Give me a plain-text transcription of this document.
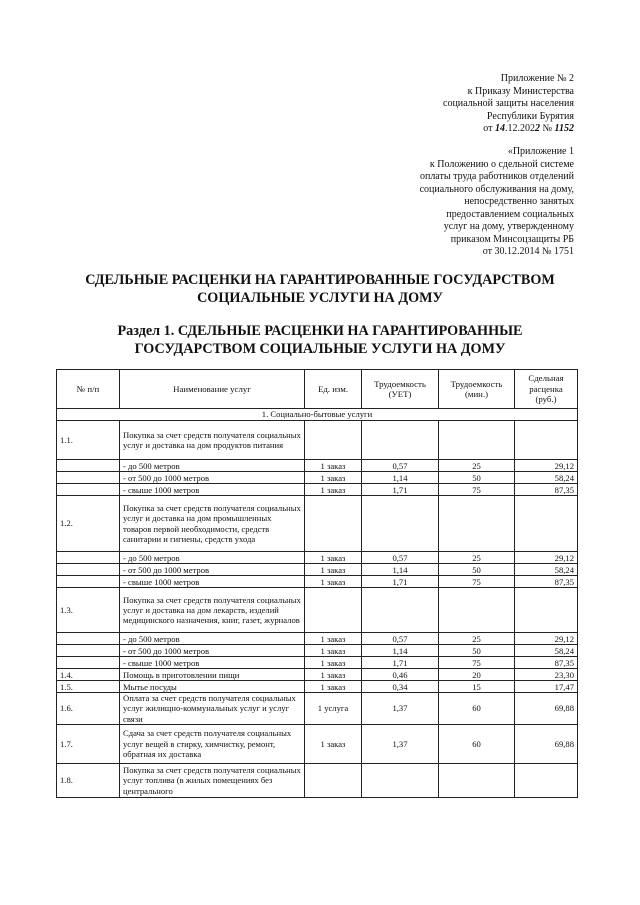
Приложение № 2
к Приказу Министерства
социальной защиты населения
Республики Бурятия
от 14.12.2022 № 1152
«Приложение 1
к Положению о сдельной системе
оплаты труда работников отделений
социального обслуживания на дому,
непосредственно занятых
предоставлением социальных
услуг на дому, утвержденному
приказом Минсоцзащиты РБ
от 30.12.2014 № 1751
СДЕЛЬНЫЕ РАСЦЕНКИ НА ГАРАНТИРОВАННЫЕ ГОСУДАРСТВОМ
СОЦИАЛЬНЫЕ УСЛУГИ НА ДОМУ
Раздел 1. СДЕЛЬНЫЕ РАСЦЕНКИ НА ГАРАНТИРОВАННЫЕ
ГОСУДАРСТВОМ СОЦИАЛЬНЫЕ УСЛУГИ НА ДОМУ
№ п/п	Наименование услуг	Ед. изм.	Трудоемкость (УЕТ)	Трудоемкость (мин.)	Сдельная расценка (руб.)
1. Социально-бытовые услуги					
1.1.	Покупка за счет средств получателя социальных услуг и доставка на дом продуктов питания				
	- до 500 метров	1 заказ	0,57	25	29,12
	- от 500 до 1000 метров	1 заказ	1,14	50	58,24
	- свыше 1000 метров	1 заказ	1,71	75	87,35
1.2.	Покупка за счет средств получателя социальных услуг и доставка на дом промышленных товаров первой необходимости, средств санитарии и гигиены, средств ухода				
	- до 500 метров	1 заказ	0,57	25	29,12
	- от 500 до 1000 метров	1 заказ	1,14	50	58,24
	- свыше 1000 метров	1 заказ	1,71	75	87,35
1.3.	Покупка за счет средств получателя социальных услуг и доставка на дом лекарств, изделий медицинского назначения, книг, газет, журналов				
	- до 500 метров	1 заказ	0,57	25	29,12
	- от 500 до 1000 метров	1 заказ	1,14	50	58,24
	- свыше 1000 метров	1 заказ	1,71	75	87,35
1.4.	Помощь в приготовлении пищи	1 заказ	0,46	20	23,30
1.5.	Мытье посуды	1 заказ	0,34	15	17,47
1.6.	Оплата за счет средств получателя социальных услуг жилищно-коммунальных услуг и услуг связи	1 услуга	1,37	60	69,88
1.7.	Сдача за счет средств получателя социальных услуг вещей в стирку, химчистку, ремонт, обратная их доставка	1 заказ	1,37	60	69,88
1.8.	Покупка за счет средств получателя социальных услуг топлива (в жилых помещениях без центрального				
